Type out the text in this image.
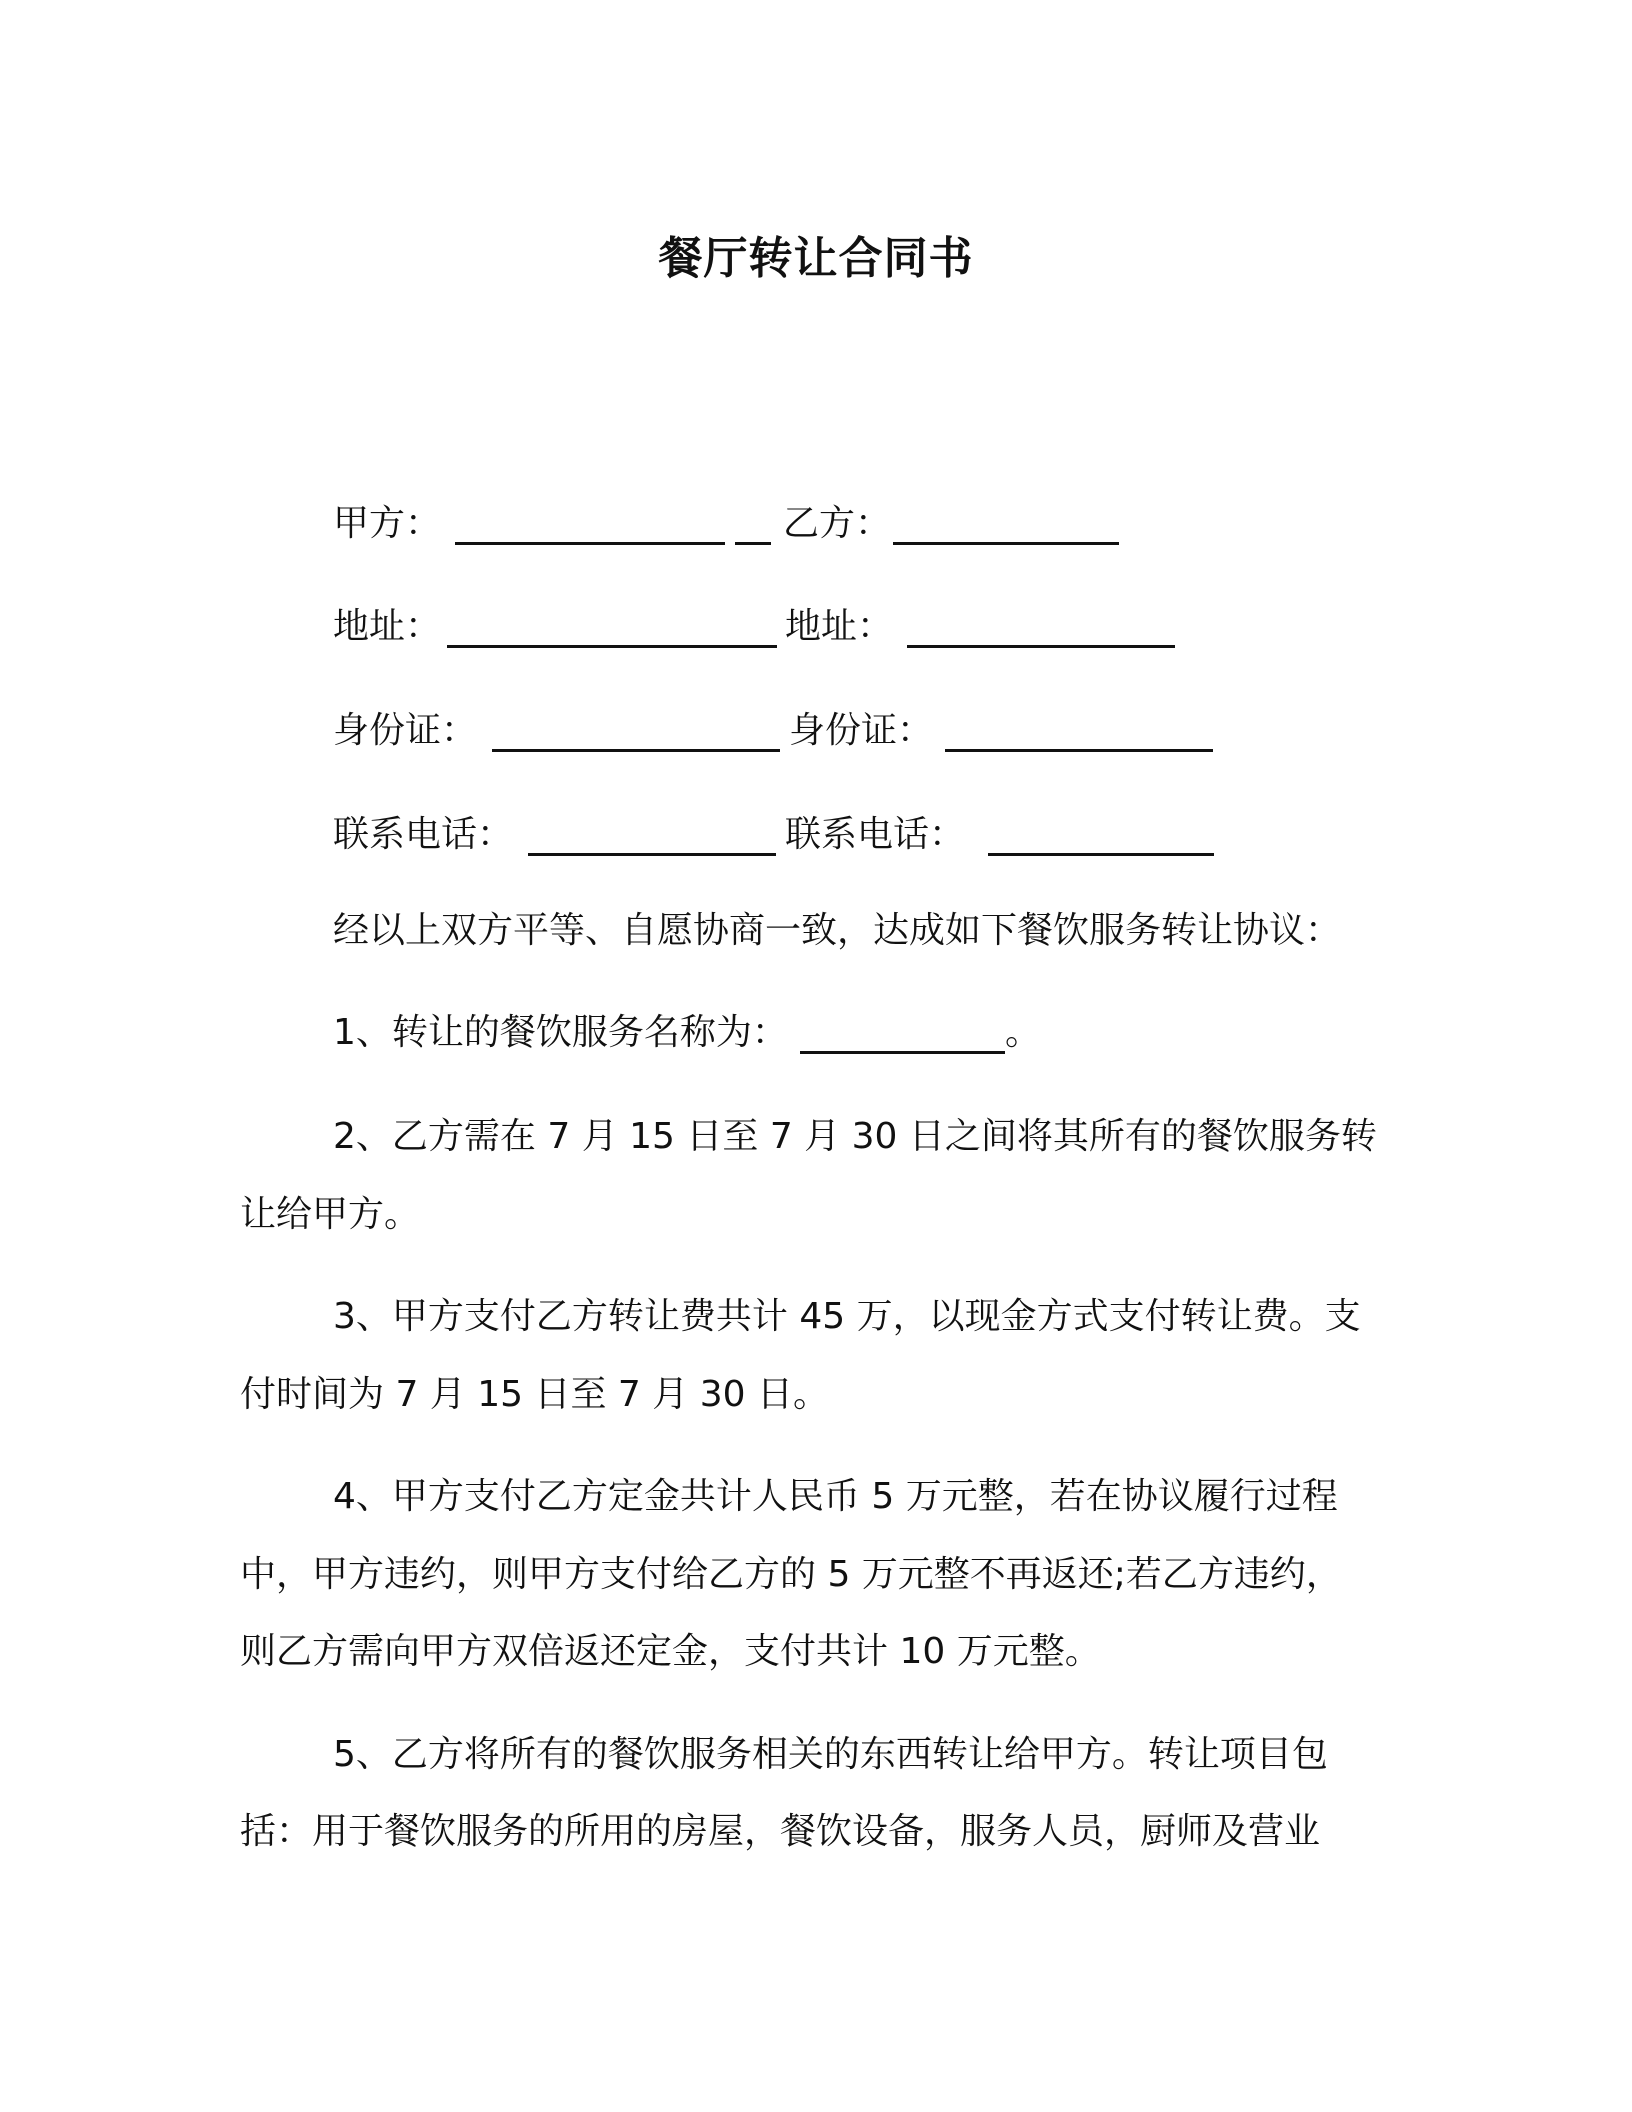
餐厅转让合同书
甲方：	乙方：
地址：	地址：
身份证：	身份证：
联系电话：	联系电话：
经以上双方平等、自愿协商一致，达成如下餐饮服务转让协议：
1、转让的餐饮服务名称为：	。
2、乙方需在 7 月 15 日至 7 月 30 日之间将其所有的餐饮服务转
让给甲方。
3、甲方支付乙方转让费共计 45 万，以现金方式支付转让费。支
付时间为 7 月 15 日至 7 月 30 日。
4、甲方支付乙方定金共计人民币 5 万元整，若在协议履行过程
中，甲方违约，则甲方支付给乙方的 5 万元整不再返还;若乙方违约，
则乙方需向甲方双倍返还定金，支付共计 10 万元整。
5、乙方将所有的餐饮服务相关的东西转让给甲方。转让项目包
括：用于餐饮服务的所用的房屋，餐饮设备，服务人员，厨师及营业
